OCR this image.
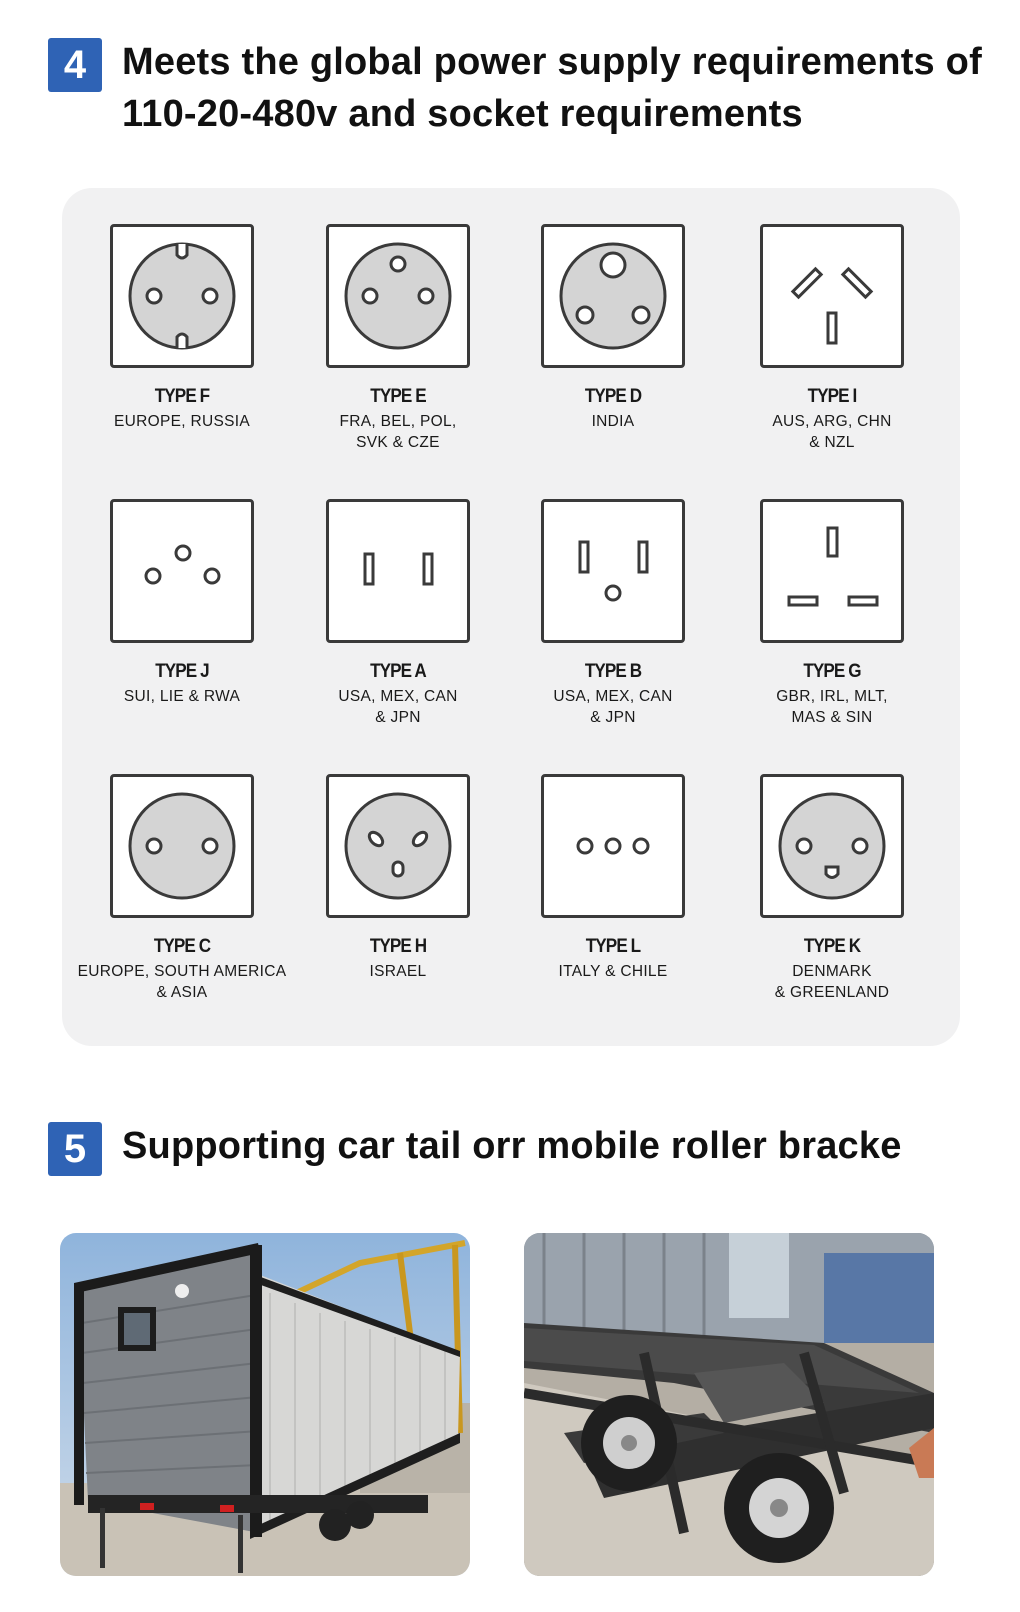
4 Meets the global power supply requirements of 110-20-480v and socket requirements
TYPE F
EUROPE, RUSSIA
TYPE E
FRA, BEL, POL,
SVK & CZE
TYPE D
INDIA
TYPE I
AUS, ARG, CHN
& NZL
TYPE J
SUI, LIE & RWA
TYPE A
USA, MEX, CAN
& JPN
TYPE B
USA, MEX, CAN
& JPN
TYPE G
GBR, IRL, MLT,
MAS & SIN
TYPE C
EUROPE, SOUTH AMERICA
& ASIA
TYPE H
ISRAEL
TYPE L
ITALY & CHILE
TYPE K
DENMARK
& GREENLAND
5 Supporting car tail orr mobile roller bracke
